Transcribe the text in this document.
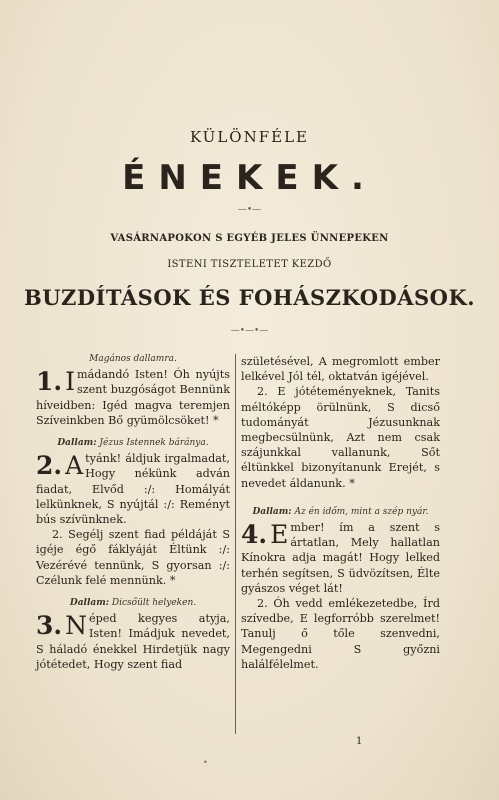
KÜLÖNFÉLE
ÉNEKEK.
—•—
VASÁRNAPOKON S EGYÉB JELES ÜNNEPEKEN
ISTENI TISZTELETET KEZDŐ
BUZDÍTÁSOK ÉS FOHÁSZKODÁSOK.
—•—•—
Magános dallamra.
1. I mádandó Isten! Óh nyújts szent buzgóságot Bennünk híveidben: Igéd magva teremjen Szíveinkben Bő gyümölcsöket! *
Dallam: Jézus Istennek báránya.
2. A tyánk! áldjuk irgalmadat, Hogy nékünk adván fiadat, Elvőd :/: Homályát lelkünknek, S nyújtál :/: Reményt bús szívünknek.
2. Segélj szent fiad példáját S igéje égő fáklyáját Éltünk :/: Vezérévé tennünk, S gyorsan :/: Czélunk felé mennünk. *
Dallam: Dicsőült helyeken.
3. N éped kegyes atyja, Isten! Imádjuk nevedet, S háladó énekkel Hirdetjük nagy jótétedet, Hogy szent fiad
születésével, A megromlott ember lelkével Jól tél, oktatván igéjével.
2. E jótéteményeknek, Tanits méltóképp örülnünk, S dicső tudományát Jézusunknak megbecsülnünk, Azt nem csak szájunkkal vallanunk, Sőt éltünkkel bizonyítanunk Erejét, s nevedet áldanunk. *
Dallam: Az én időm, mint a szép nyár.
4. E mber! ím a szent s ártatlan, Mely hallatlan Kínokra adja magát! Hogy lelked terhén segítsen, S üdvözítsen, Élte gyászos véget lát!
2. Óh vedd emlékezetedbe, Írd szívedbe, E legforróbb szerelmet! Tanulj ő tőle szenvedni, Megengedni S győzni halálfélelmet.
1
•
